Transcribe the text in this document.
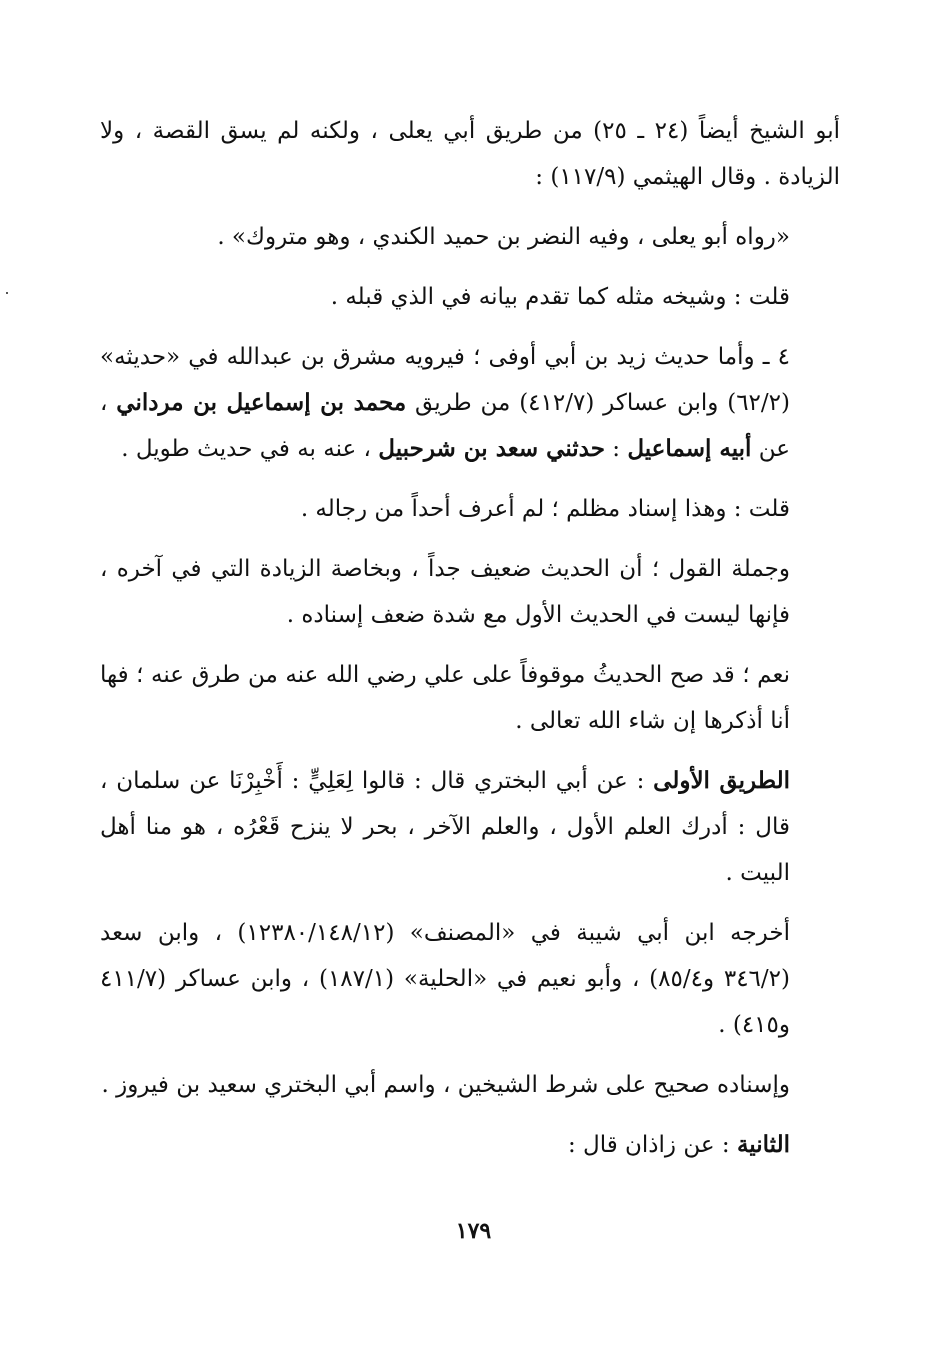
أبو الشيخ أيضاً (٢٤ ـ ٢٥) من طريق أبي يعلى ، ولكنه لم يسق القصة ، ولا الزيادة . وقال الهيثمي (١١٧/٩) :

«رواه أبو يعلى ، وفيه النضر بن حميد الكندي ، وهو متروك» .

قلت : وشيخه مثله كما تقدم بيانه في الذي قبله .

٤ ـ وأما حديث زيد بن أبي أوفى ؛ فيرويه مشرق بن عبدالله في «حديثه» (٦٢/٢) وابن عساكر (٤١٢/٧) من طريق محمد بن إسماعيل بن مرداني ، عن أبيه إسماعيل : حدثني سعد بن شرحبيل ، عنه به في حديث طويل .

قلت : وهذا إسناد مظلم ؛ لم أعرف أحداً من رجاله .

وجملة القول ؛ أن الحديث ضعيف جداً ، وبخاصة الزيادة التي في آخره ، فإنها ليست في الحديث الأول مع شدة ضعف إسناده .

نعم ؛ قد صح الحديثُ موقوفاً على علي رضي الله عنه من طرق عنه ؛ فها أنا أذكرها إن شاء الله تعالى .

الطريق الأولى : عن أبي البختري قال : قالوا لِعَلِيٍّ : أَخْبِرْنَا عن سلمان ، قال : أدرك العلم الأول ، والعلم الآخر ، بحر لا ينزح قَعْرُه ، هو منا أهل البيت .

أخرجه ابن أبي شيبة في «المصنف» (١٢٣٨٠/١٤٨/١٢) ، وابن سعد (٣٤٦/٢ و٨٥/٤) ، وأبو نعيم في «الحلية» (١٨٧/١) ، وابن عساكر (٤١١/٧ و٤١٥) .

وإسناده صحيح على شرط الشيخين ، واسم أبي البختري سعيد بن فيروز .

الثانية : عن زاذان قال :

١٧٩
